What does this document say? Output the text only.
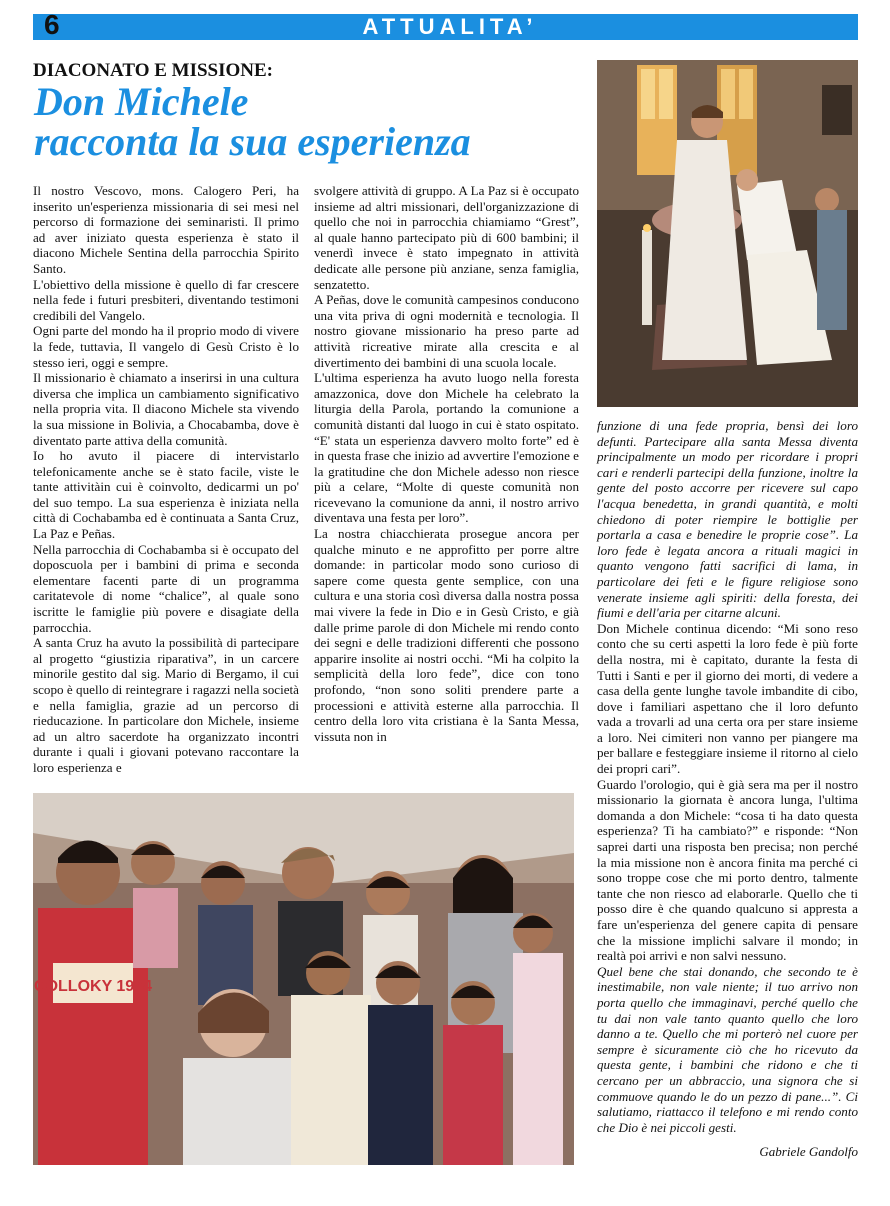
6	ATTUALITA’
DIACONATO E MISSIONE:
Don Michele
racconta la sua esperienza

Il nostro Vescovo, mons. Calogero Peri, ha inserito un'esperienza missionaria di sei mesi nel percorso di formazione dei seminaristi. Il primo ad aver iniziato questa esperienza è stato il diacono Michele Sentina della parrocchia Spirito Santo.

L'obiettivo della missione è quello di far crescere nella fede i futuri presbiteri, diventando testimoni credibili del Vangelo.

Ogni parte del mondo ha il proprio modo di vivere la fede, tuttavia, Il vangelo di Gesù Cristo è lo stesso ieri, oggi e sempre.

Il missionario è chiamato a inserirsi in una cultura diversa che implica un cambiamento significativo nella propria vita. Il diacono Michele sta vivendo la sua missione in Bolivia, a Chocabamba, dove è diventato parte attiva della comunità.

Io ho avuto il piacere di intervistarlo telefonicamente anche se è stato facile, viste le tante attivitàin cui è coinvolto, dedicarmi un po' del suo tempo. La sua esperienza è iniziata nella città di Cochabamba ed è continuata a Santa Cruz, La Paz e Peñas.

Nella parrocchia di Cochabamba si è occupato del doposcuola per i bambini di prima e seconda elementare facenti parte di un programma caritatevole di nome “chalice”, al quale sono iscritte le famiglie più povere e disagiate della parrocchia.

A santa Cruz ha avuto la possibilità di partecipare al progetto “giustizia riparativa”, in un carcere minorile gestito dal sig. Mario di Bergamo, il cui scopo è quello di reintegrare i ragazzi nella società e nella famiglia, grazie ad un percorso di rieducazione. In particolare don Michele, insieme ad un altro sacerdote ha organizzato incontri durante i quali i giovani potevano raccontare la loro esperienza e

svolgere attività di gruppo. A La Paz si è occupato insieme ad altri missionari, dell'organizzazione di quello che noi in parrocchia chiamiamo “Grest”, al quale hanno partecipato più di 600 bambini; il venerdì invece è stato impegnato in attività dedicate alle persone più anziane, senza famiglia, senzatetto.

A Peñas, dove le comunità campesinos conducono una vita priva di ogni modernità e tecnologia. Il nostro giovane missionario ha preso parte ad attività ricreative mirate alla crescita e al divertimento dei bambini di una scuola locale.

L'ultima esperienza ha avuto luogo nella foresta amazzonica, dove don Michele ha celebrato la liturgia della Parola, portando la comunione a comunità distanti dal luogo in cui è stato ospitato. “E' stata un esperienza davvero molto forte” ed è in questa frase che inizio ad avvertire l'emozione e la gratitudine che don Michele adesso non riesce più a celare, “Molte di queste comunità non ricevevano la comunione da anni, il nostro arrivo diventava una festa per loro”.

La nostra chiacchierata prosegue ancora per qualche minuto e ne approfitto per porre altre domande: in particolar modo sono curioso di sapere come questa gente semplice, con una cultura e una storia così diversa dalla nostra possa mai vivere la fede in Dio e in Gesù Cristo, e già dalle prime parole di don Michele mi rendo conto dei segni e delle tradizioni differenti che possono apparire insolite ai nostri occhi. “Mi ha colpito la semplicità della loro fede”, dice con tono profondo, “non sono soliti prendere parte a processioni e attività esterne alla parrocchia. Il centro della loro vita cristiana è la Santa Messa, vissuta non in

funzione di una fede propria, bensì dei loro defunti. Partecipare alla santa Messa diventa principalmente un modo per ricordare i propri cari e renderli partecipi della funzione, inoltre la gente del posto accorre per ricevere sul capo l'acqua benedetta, in grandi quantità, e molti chiedono di poter riempire le bottiglie per portarla a casa e benedire le proprie cose”. La loro fede è legata ancora a rituali magici in quanto vengono fatti sacrifici di lama, in particolare dei feti e le figure religiose sono venerate insieme agli spiriti: della foresta, dei fiumi e dell'aria per citarne alcuni.

Don Michele continua dicendo: “Mi sono reso conto che su certi aspetti la loro fede è più forte della nostra, mi è capitato, durante la festa di Tutti i Santi e per il giorno dei morti, di vedere a casa della gente lunghe tavole imbandite di cibo, dove i familiari aspettano che il loro defunto vada a trovarli ad una certa ora per stare insieme a loro. Nei cimiteri non vanno per piangere ma per ballare e festeggiare insieme il ritorno al cielo dei propri cari”.

Guardo l'orologio, qui è già sera ma per il nostro missionario la giornata è ancora lunga, l'ultima domanda a don Michele: “cosa ti ha dato questa esperienza? Ti ha cambiato?” e risponde: “Non saprei darti una risposta ben precisa; non perché la mia missione non è ancora finita ma perché ci sono troppe cose che mi porto dentro, talmente tante che non riesco ad elaborarle. Quello che ti posso dire è che quando qualcuno si appresta a fare un'esperienza del genere capita di pensare che la missione implichi salvare il mondo; in realtà poi arrivi e non salvi nessuno.

Quel bene che stai donando, che secondo te è inestimabile, non vale niente; il tuo arrivo non porta quello che immaginavi, perché quello che tu dai non vale tanto quanto quello che loro danno a te. Quello che mi porterò nel cuore per sempre è sicuramente ciò che ho ricevuto da questa gente, i bambini che ridono e che ti cercano per un abbraccio, una signora che si commuove quando le do un pezzo di pane...”. Ci salutiamo, riattacco il telefono e mi rendo conto che Dio è nei piccoli gesti.

COLLOKY 1974
Gabriele Gandolfo
